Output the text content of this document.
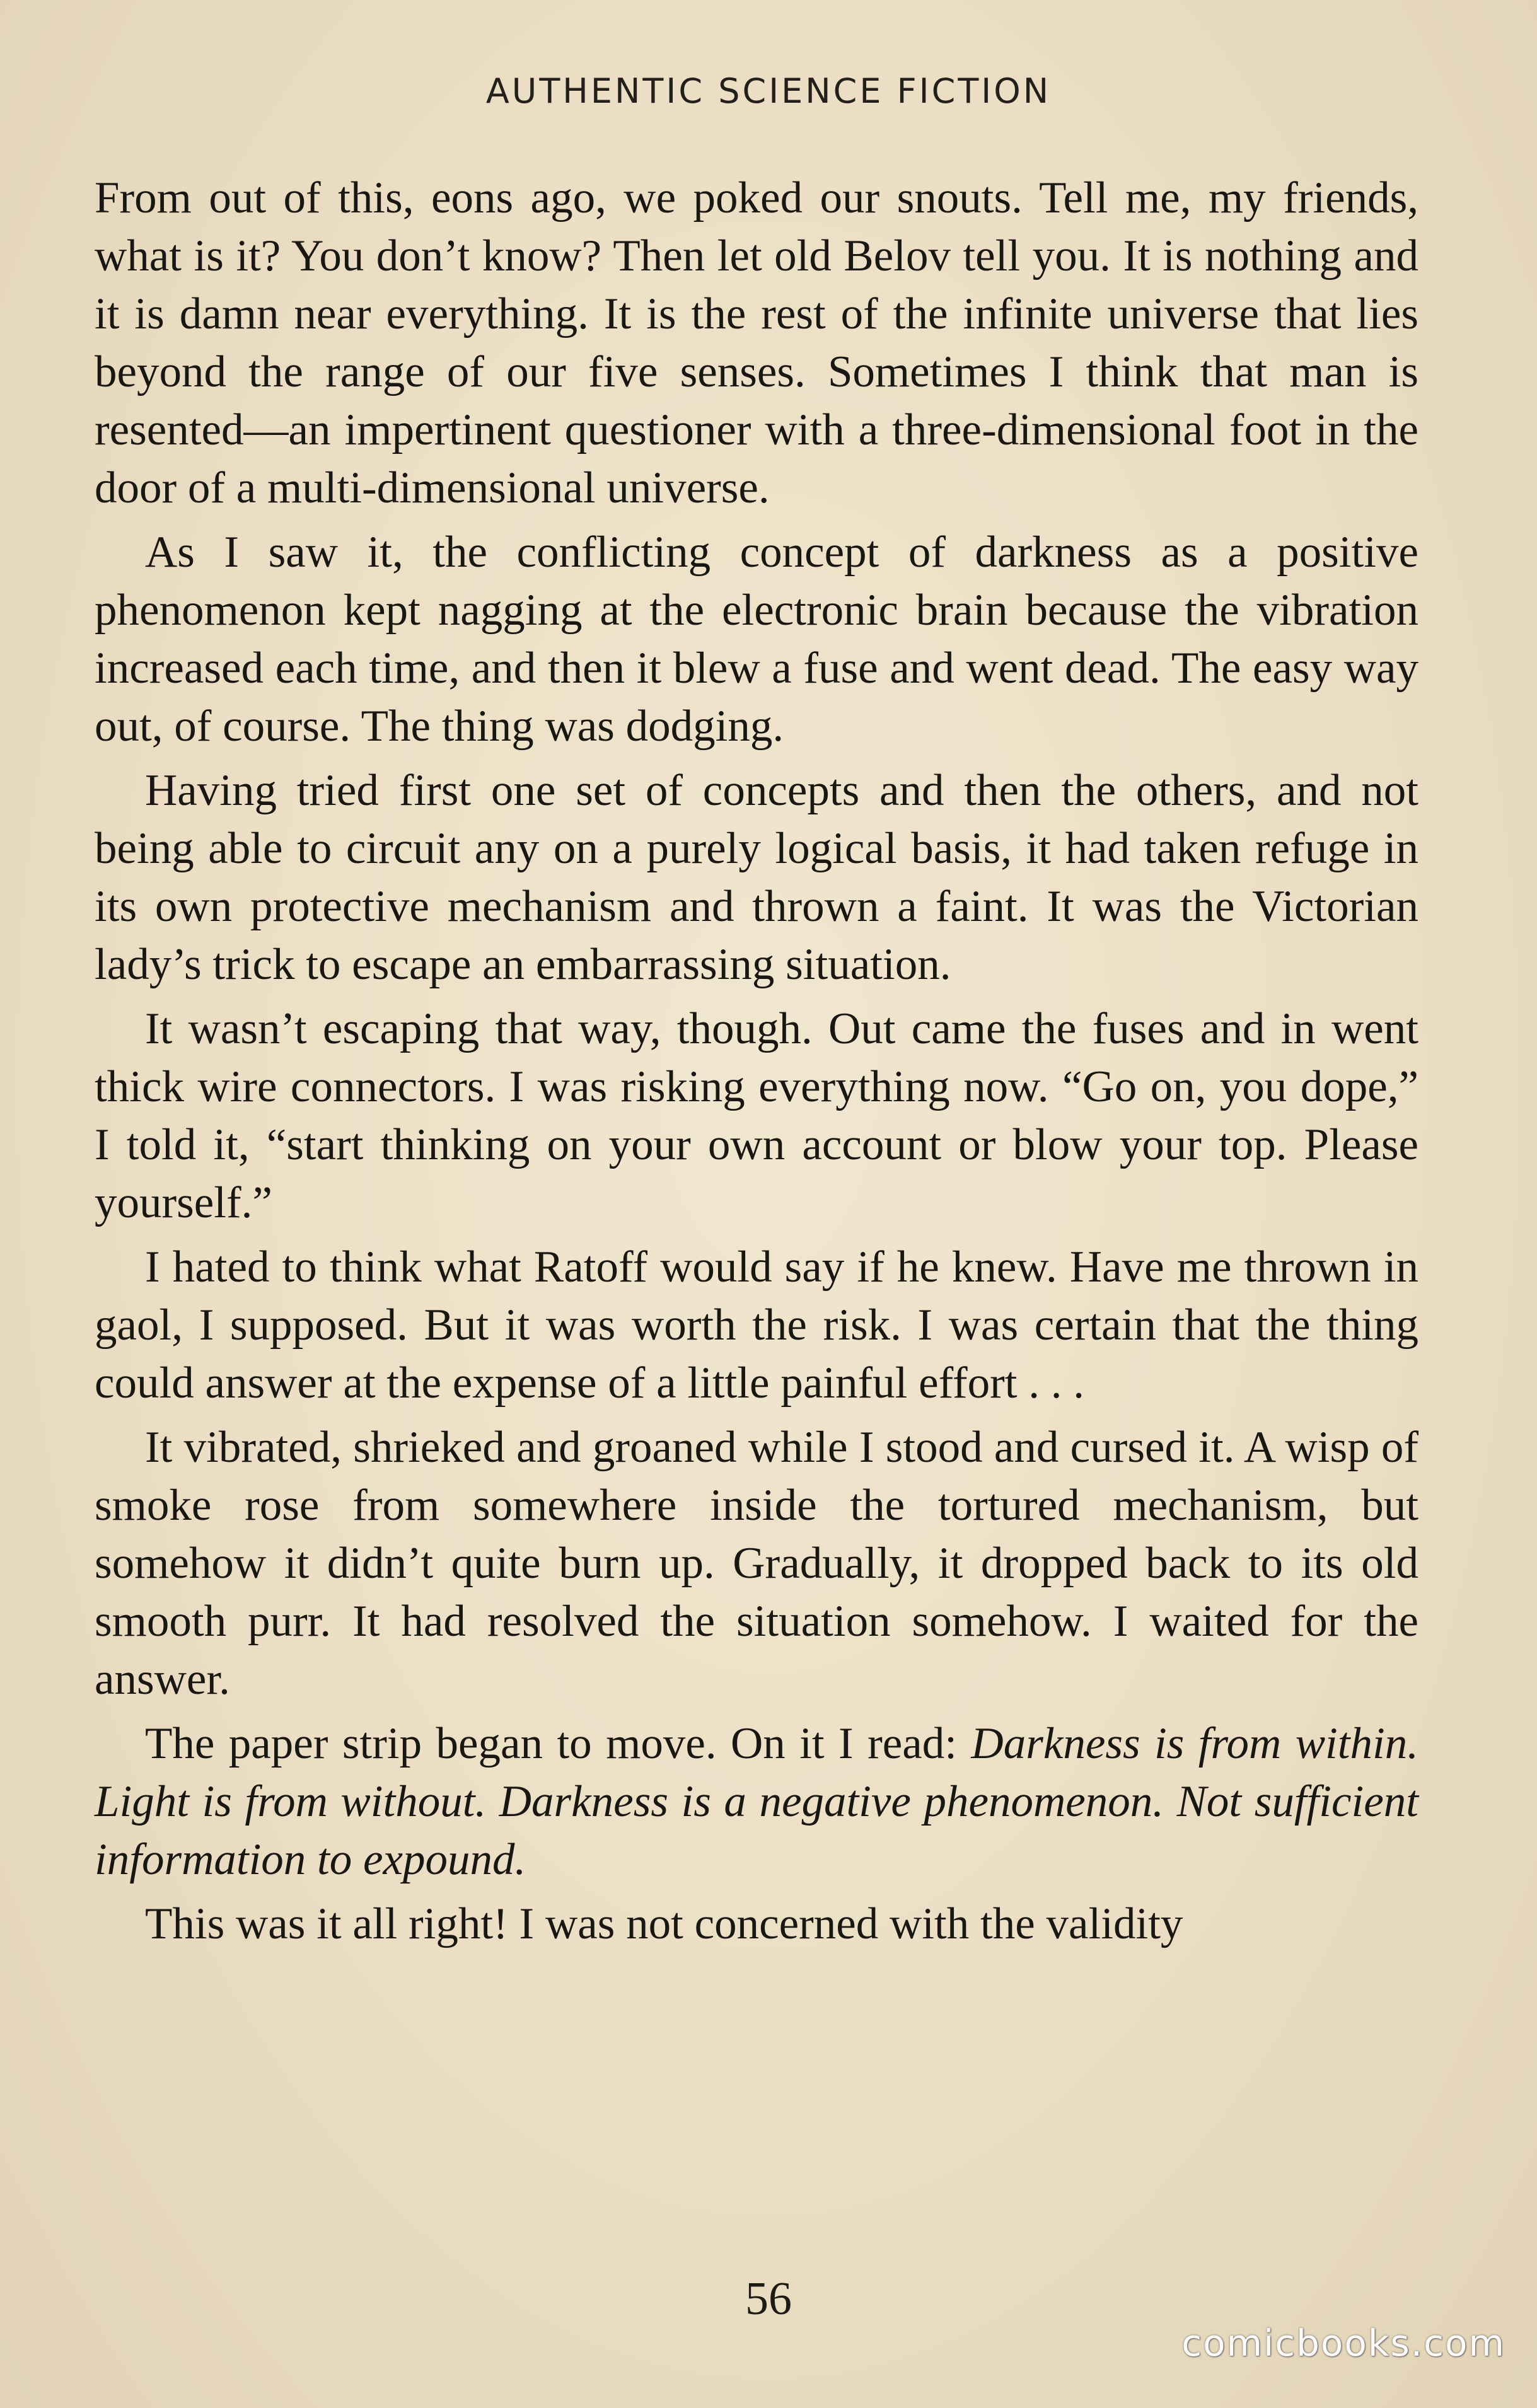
AUTHENTIC SCIENCE FICTION

From out of this, eons ago, we poked our snouts. Tell me, my friends, what is it? You don’t know? Then let old Belov tell you. It is nothing and it is damn near everything. It is the rest of the infinite universe that lies beyond the range of our five senses. Sometimes I think that man is resented—an impertinent questioner with a three-dimensional foot in the door of a multi-dimensional universe.

As I saw it, the conflicting concept of darkness as a positive phenomenon kept nagging at the electronic brain because the vibration increased each time, and then it blew a fuse and went dead. The easy way out, of course. The thing was dodging.

Having tried first one set of concepts and then the others, and not being able to circuit any on a purely logical basis, it had taken refuge in its own protective mechanism and thrown a faint. It was the Victorian lady’s trick to escape an embarrassing situation.

It wasn’t escaping that way, though. Out came the fuses and in went thick wire connectors. I was risking everything now. “Go on, you dope,” I told it, “start thinking on your own account or blow your top. Please yourself.”

I hated to think what Ratoff would say if he knew. Have me thrown in gaol, I supposed. But it was worth the risk. I was certain that the thing could answer at the expense of a little painful effort . . .

It vibrated, shrieked and groaned while I stood and cursed it. A wisp of smoke rose from somewhere inside the tortured mechanism, but somehow it didn’t quite burn up. Gradually, it dropped back to its old smooth purr. It had resolved the situation somehow. I waited for the answer.

The paper strip began to move. On it I read: Darkness is from within. Light is from without. Darkness is a negative phenomenon. Not sufficient information to expound.

This was it all right! I was not concerned with the validity

56
comicbooks.com
